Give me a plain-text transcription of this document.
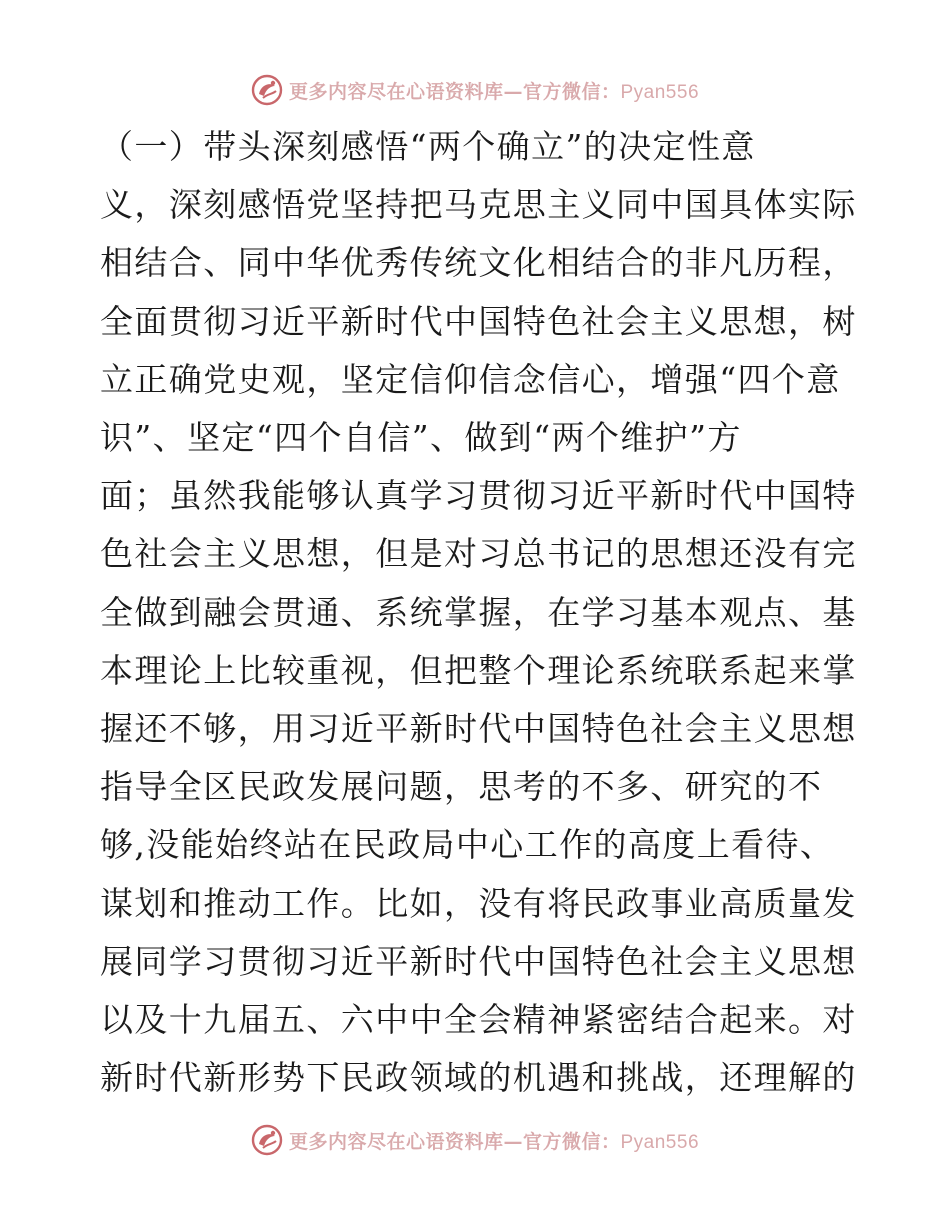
更多内容尽在心语资料库—官方微信：Pyan556
（一）带头深刻感悟“两个确立”的决定性意
义，深刻感悟党坚持把马克思主义同中国具体实际
相结合、同中华优秀传统文化相结合的非凡历程，
全面贯彻习近平新时代中国特色社会主义思想，树
立正确党史观，坚定信仰信念信心，增强“四个意
识”、坚定“四个自信”、做到“两个维护”方
面；虽然我能够认真学习贯彻习近平新时代中国特
色社会主义思想，但是对习总书记的思想还没有完
全做到融会贯通、系统掌握，在学习基本观点、基
本理论上比较重视，但把整个理论系统联系起来掌
握还不够，用习近平新时代中国特色社会主义思想
指导全区民政发展问题，思考的不多、研究的不
够,没能始终站在民政局中心工作的高度上看待、
谋划和推动工作。比如，没有将民政事业高质量发
展同学习贯彻习近平新时代中国特色社会主义思想
以及十九届五、六中中全会精神紧密结合起来。对
新时代新形势下民政领域的机遇和挑战，还理解的
更多内容尽在心语资料库—官方微信：Pyan556
